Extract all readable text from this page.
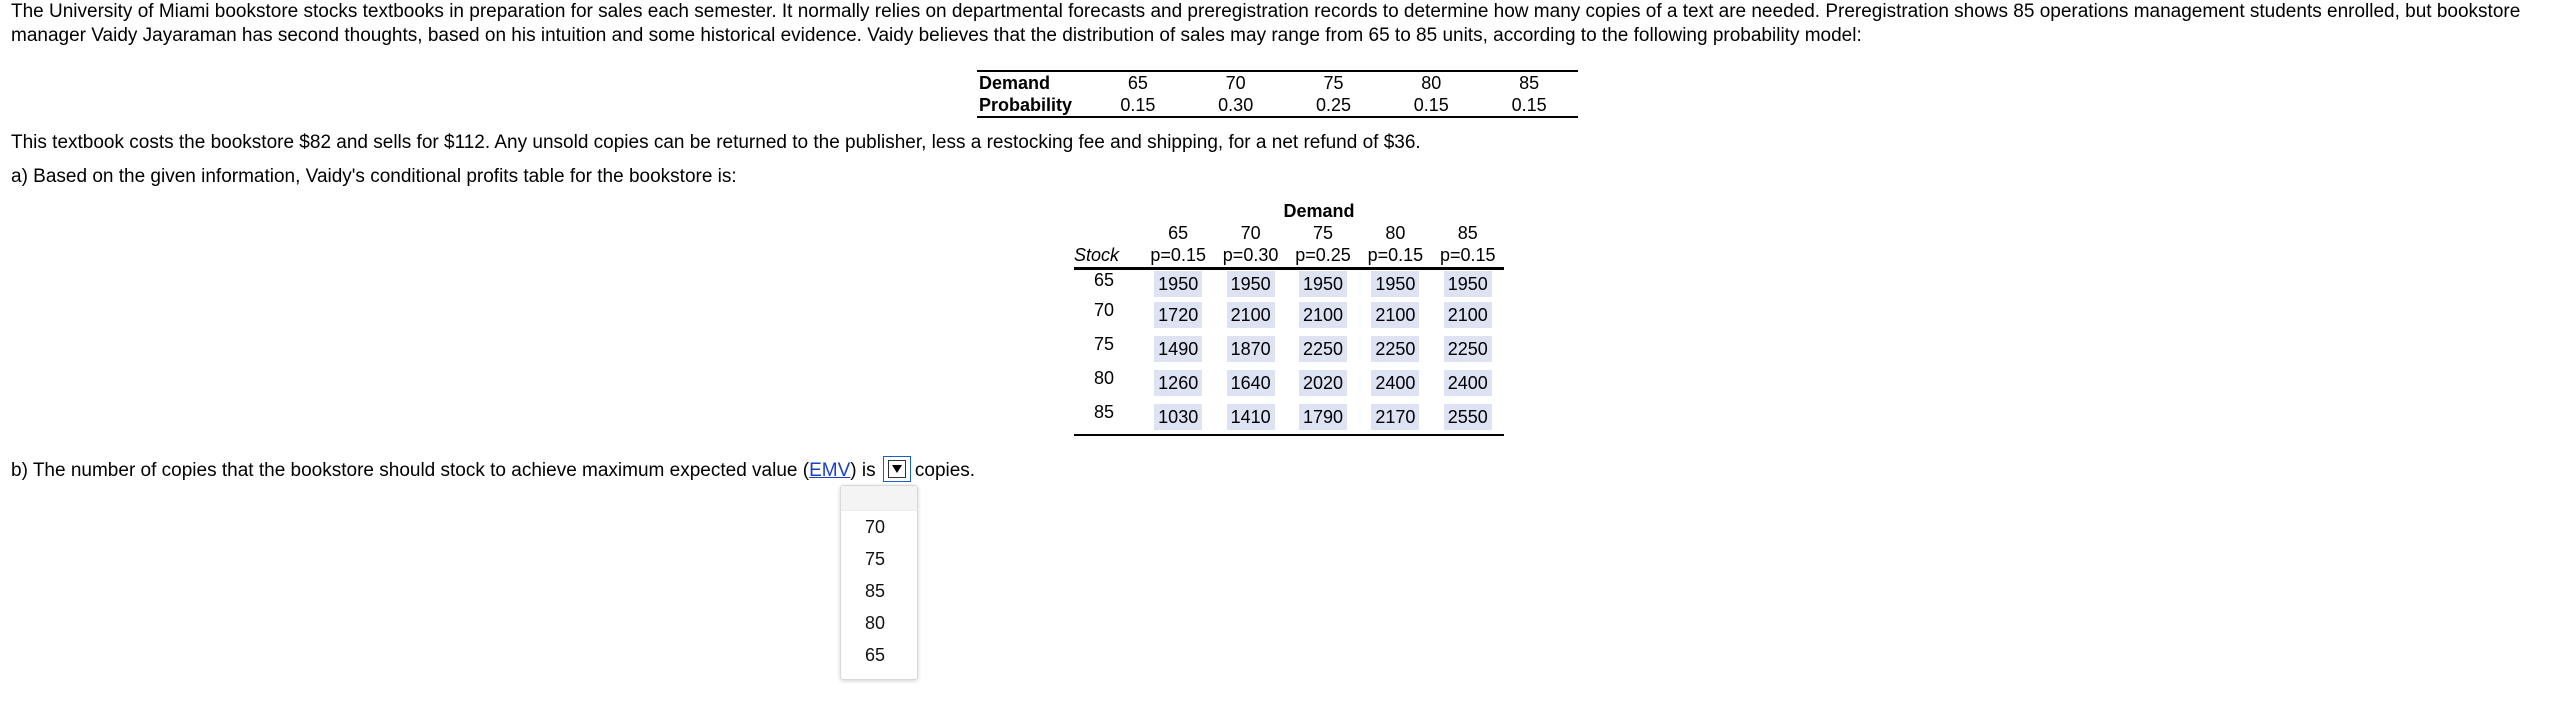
The University of Miami bookstore stocks textbooks in preparation for sales each semester. It normally relies on departmental forecasts and preregistration records to determine how many copies of a text are needed. Preregistration shows 85 operations management students enrolled, but bookstore manager Vaidy Jayaraman has second thoughts, based on his intuition and some historical evidence. Vaidy believes that the distribution of sales may range from 65 to 85 units, according to the following probability model:

Demand	65	70	75	80	85
Probability	0.15	0.30	0.25	0.15	0.15

This textbook costs the bookstore $82 and sells for $112. Any unsold copies can be returned to the publisher, less a restocking fee and shipping, for a net refund of $36.

a) Based on the given information, Vaidy's conditional profits table for the bookstore is:

Demand
	65	70	75	80	85
Stock	p=0.15	p=0.30	p=0.25	p=0.15	p=0.15
65	1950	1950	1950	1950	1950
70	1720	2100	2100	2100	2100
75	1490	1870	2250	2250	2250
80	1260	1640	2020	2400	2400
85	1030	1410	1790	2170	2550

b) The number of copies that the bookstore should stock to achieve maximum expected value (EMV) is copies.

70
75
85
80
65
